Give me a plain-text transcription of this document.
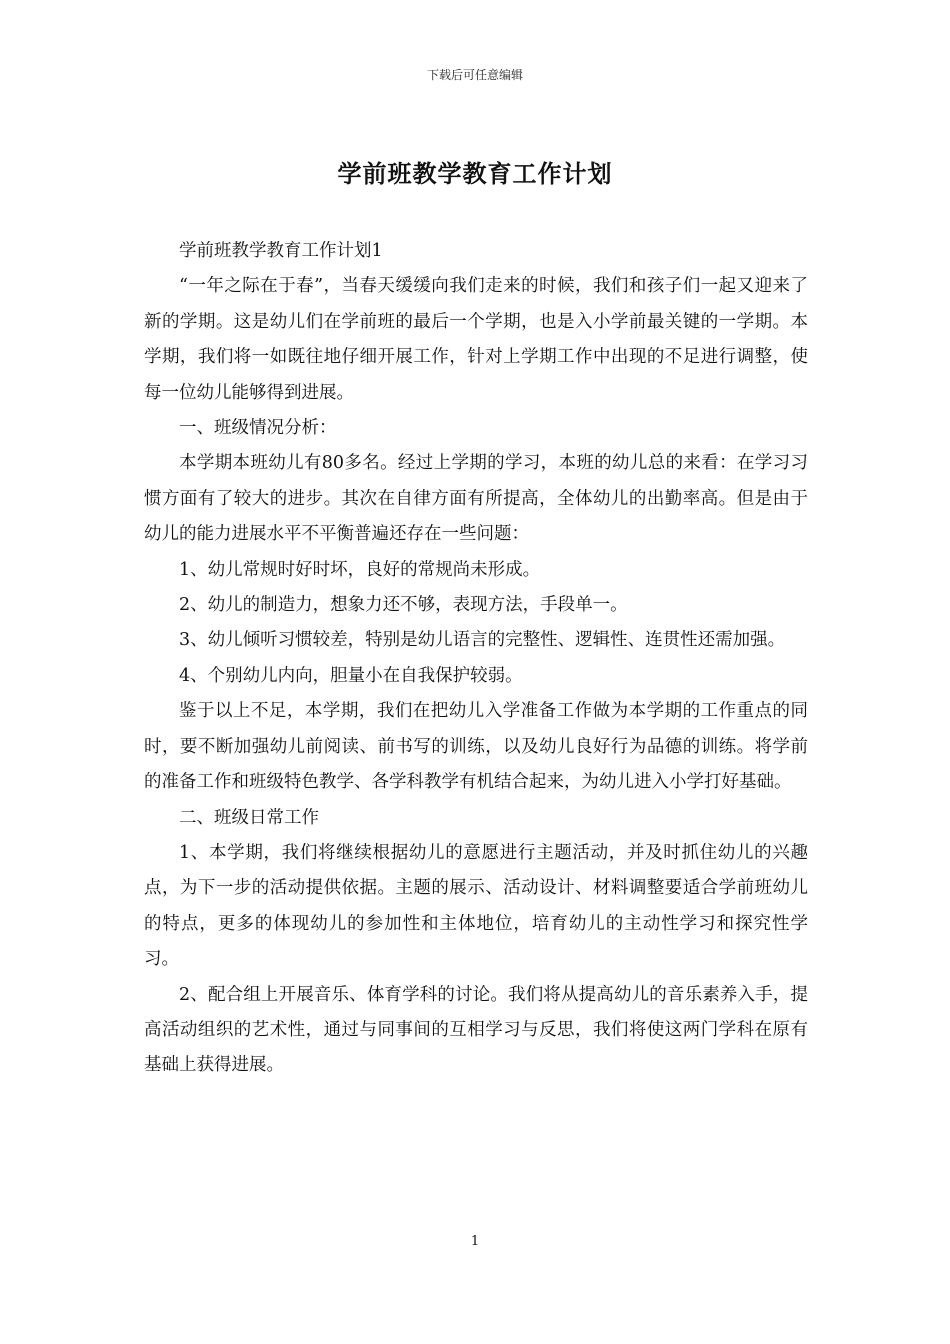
下载后可任意编辑
学前班教学教育工作计划

学前班教学教育工作计划1

“一年之际在于春”，当春天缓缓向我们走来的时候，我们和孩子们一起又迎来了新的学期。这是幼儿们在学前班的最后一个学期，也是入小学前最关键的一学期。本学期，我们将一如既往地仔细开展工作，针对上学期工作中出现的不足进行调整，使每一位幼儿能够得到进展。

一、班级情况分析：

本学期本班幼儿有80多名。经过上学期的学习，本班的幼儿总的来看：在学习习惯方面有了较大的进步。其次在自律方面有所提高，全体幼儿的出勤率高。但是由于幼儿的能力进展水平不平衡普遍还存在一些问题：

1、幼儿常规时好时坏，良好的常规尚未形成。

2、幼儿的制造力，想象力还不够，表现方法，手段单一。

3、幼儿倾听习惯较差，特别是幼儿语言的完整性、逻辑性、连贯性还需加强。

4、个别幼儿内向，胆量小在自我保护较弱。

鉴于以上不足，本学期，我们在把幼儿入学准备工作做为本学期的工作重点的同时，要不断加强幼儿前阅读、前书写的训练，以及幼儿良好行为品德的训练。将学前的准备工作和班级特色教学、各学科教学有机结合起来，为幼儿进入小学打好基础。

二、班级日常工作

1、本学期，我们将继续根据幼儿的意愿进行主题活动，并及时抓住幼儿的兴趣点，为下一步的活动提供依据。主题的展示、活动设计、材料调整要适合学前班幼儿的特点，更多的体现幼儿的参加性和主体地位，培育幼儿的主动性学习和探究性学习。

2、配合组上开展音乐、体育学科的讨论。我们将从提高幼儿的音乐素养入手，提高活动组织的艺术性，通过与同事间的互相学习与反思，我们将使这两门学科在原有基础上获得进展。

1
